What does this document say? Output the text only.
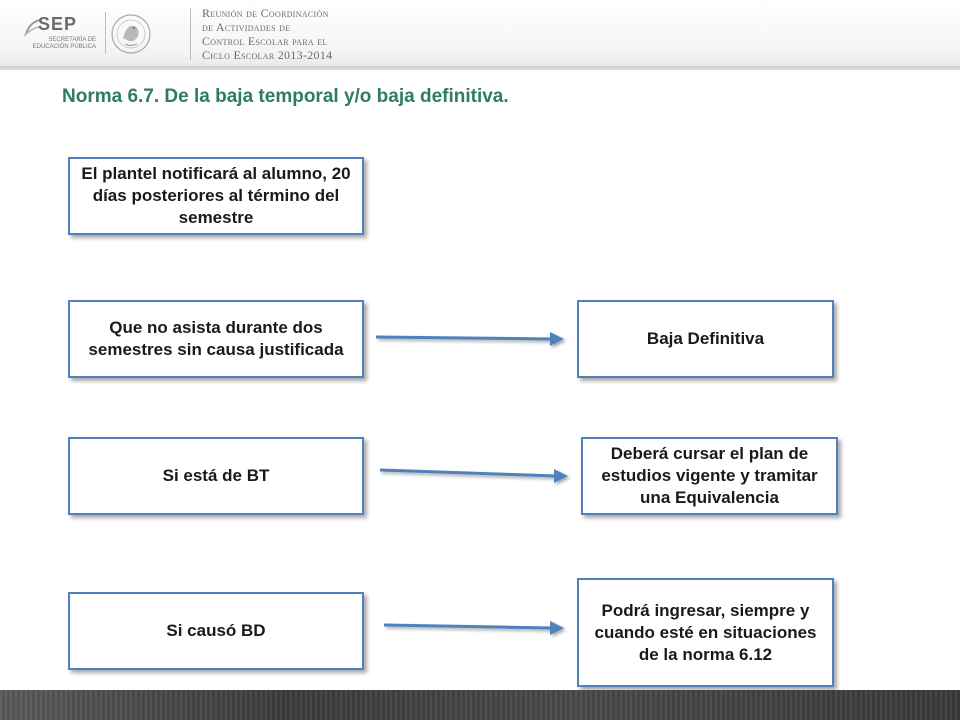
SEP
SECRETARÍA DE
EDUCACIÓN PÚBLICA
Reunión de Coordinación
de Actividades de
Control Escolar para el
Ciclo Escolar 2013-2014
Norma 6.7. De la baja temporal y/o baja definitiva.
El plantel notificará al alumno, 20 días posteriores al término del semestre
Que no asista durante dos semestres sin causa justificada
Si está de BT
Si causó BD
Baja Definitiva
Deberá cursar el plan de estudios vigente y tramitar una Equivalencia
Podrá ingresar, siempre y cuando esté en situaciones de la norma 6.12
